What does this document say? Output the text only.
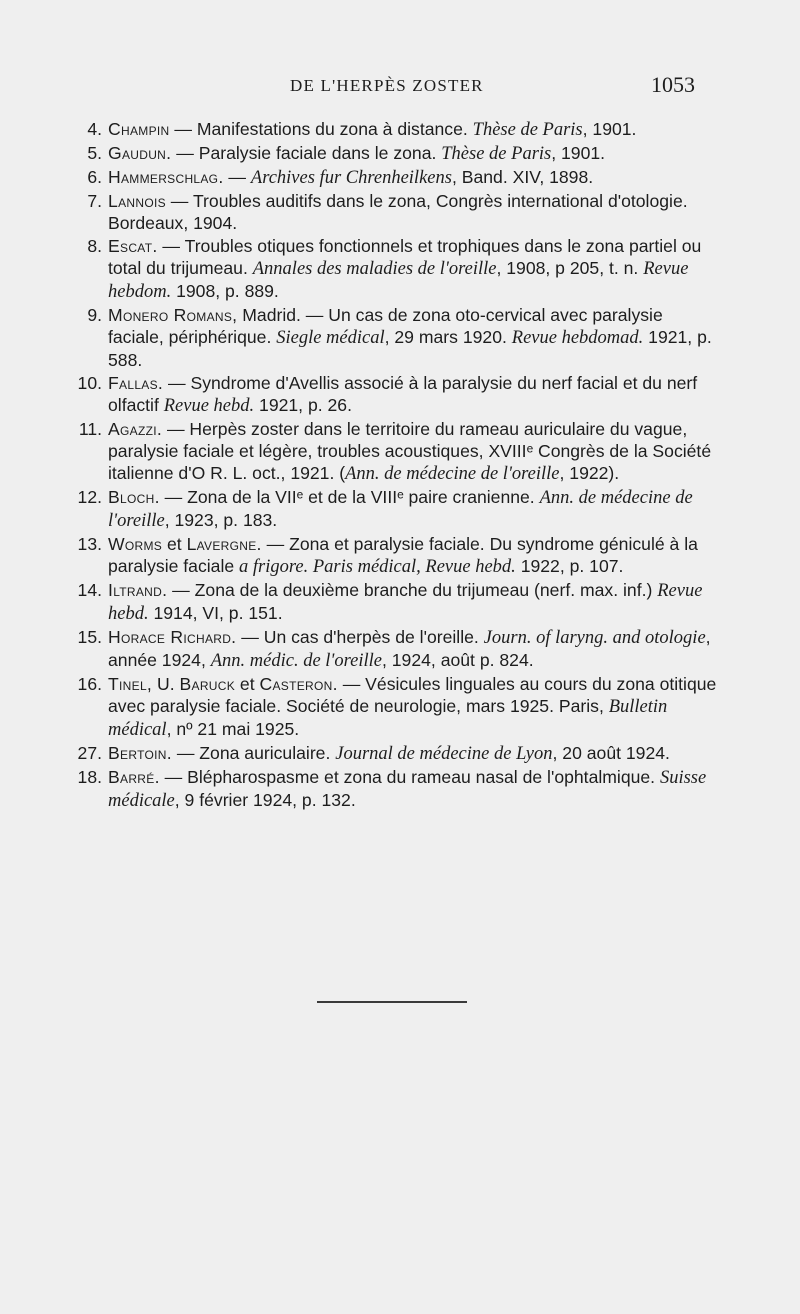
DE L'HERPÈS ZOSTER	1053
4. Champin — Manifestations du zona à distance. Thèse de Paris, 1901.
5. Gaudun. — Paralysie faciale dans le zona. Thèse de Paris, 1901.
6. Hammerschlag. — Archives fur Chrenheilkens, Band. XIV, 1898.
7. Lannois — Troubles auditifs dans le zona, Congrès international d'otologie. Bordeaux, 1904.
8. Escat. — Troubles otiques fonctionnels et trophiques dans le zona partiel ou total du trijumeau. Annales des maladies de l'oreille, 1908, p 205, t. n. Revue hebdom. 1908, p. 889.
9. Monero Romans, Madrid. — Un cas de zona oto-cervical avec paralysie faciale, périphérique. Siegle médical, 29 mars 1920. Revue hebdomad. 1921, p. 588.
10. Fallas. — Syndrome d'Avellis associé à la paralysie du nerf facial et du nerf olfactif Revue hebd. 1921, p. 26.
11. Agazzi. — Herpès zoster dans le territoire du rameau auriculaire du vague, paralysie faciale et légère, troubles acoustiques, XVIIIᵉ Congrès de la Société italienne d'O R. L. oct., 1921. (Ann. de médecine de l'oreille, 1922).
12. Bloch. — Zona de la VIIᵉ et de la VIIIᵉ paire cranienne. Ann. de médecine de l'oreille, 1923, p. 183.
13. Worms et Lavergne. — Zona et paralysie faciale. Du syndrome géniculé à la paralysie faciale a frigore. Paris médical, Revue hebd. 1922, p. 107.
14. Iltrand. — Zona de la deuxième branche du trijumeau (nerf. max. inf.) Revue hebd. 1914, VI, p. 151.
15. Horace Richard. — Un cas d'herpès de l'oreille. Journ. of laryng. and otologie, année 1924, Ann. médic. de l'oreille, 1924, août p. 824.
16. Tinel, U. Baruck et Casteron. — Vésicules linguales au cours du zona otitique avec paralysie faciale. Société de neurologie, mars 1925. Paris, Bulletin médical, nº 21 mai 1925.
27. Bertoin. — Zona auriculaire. Journal de médecine de Lyon, 20 août 1924.
18. Barré. — Blépharospasme et zona du rameau nasal de l'ophtalmique. Suisse médicale, 9 février 1924, p. 132.
